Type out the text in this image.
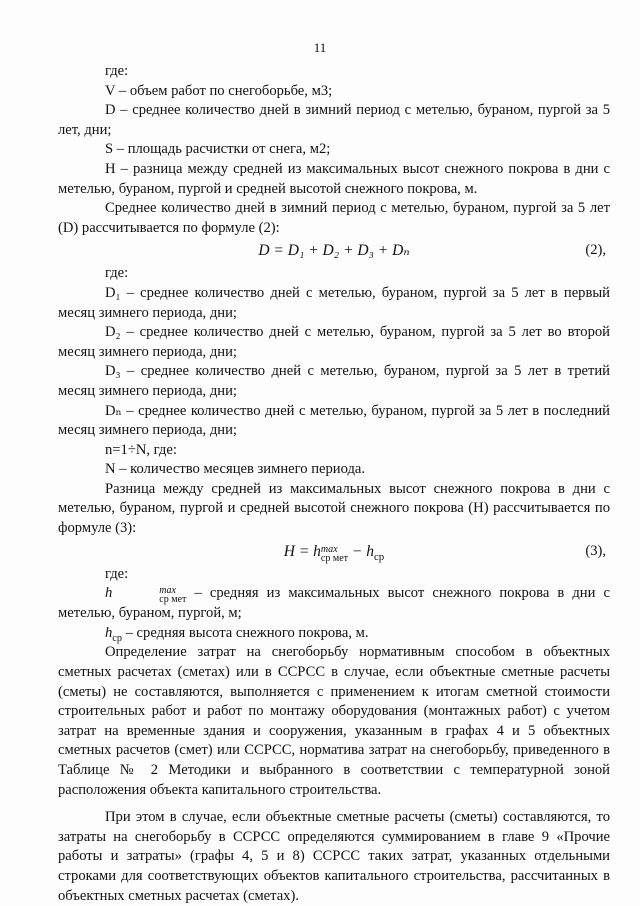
11

где:

V – объем работ по снегоборьбе, м3;

D – среднее количество дней в зимний период с метелью, бураном, пургой за 5 лет, дни;

S – площадь расчистки от снега, м2;

H – разница между средней из максимальных высот снежного покрова в дни с метелью, бураном, пургой и средней высотой снежного покрова, м.

Среднее количество дней в зимний период с метелью, бураном, пургой за 5 лет (D) рассчитывается по формуле (2):

D = D₁ + D₂ + D₃ + Dₙ	(2),

где:

D₁ – среднее количество дней с метелью, бураном, пургой за 5 лет в первый месяц зимнего периода, дни;

D₂ – среднее количество дней с метелью, бураном, пургой за 5 лет во второй месяц зимнего периода, дни;

D₃ – среднее количество дней с метелью, бураном, пургой за 5 лет в третий месяц зимнего периода, дни;

Dₙ – среднее количество дней с метелью, бураном, пургой за 5 лет в последний месяц зимнего периода, дни;

n=1÷N, где:

N – количество месяцев зимнего периода.

Разница между средней из максимальных высот снежного покрова в дни с метелью, бураном, пургой и средней высотой снежного покрова (H) рассчитывается по формуле (3):

H = h max
ср мет − $h_{ср}$	(3),

где:

h	max
ср мет – средняя из максимальных высот снежного покрова в дни с метелью, бураном, пургой, м;

$h_{ср}$ – средняя высота снежного покрова, м.

Определение затрат на снегоборьбу нормативным способом в объектных сметных расчетах (сметах) или в ССРСС в случае, если объектные сметные расчеты (сметы) не составляются, выполняется с применением к итогам сметной стоимости строительных работ и работ по монтажу оборудования (монтажных работ) с учетом затрат на временные здания и сооружения, указанным в графах 4 и 5 объектных сметных расчетов (смет) или ССРСС, норматива затрат на снегоборьбу, приведенного в Таблице № 2 Методики и выбранного в соответствии с температурной зоной расположения объекта капитального строительства.

При этом в случае, если объектные сметные расчеты (сметы) составляются, то затраты на снегоборьбу в ССРСС определяются суммированием в главе 9 «Прочие работы и затраты» (графы 4, 5 и 8) ССРСС таких затрат, указанных отдельными строками для соответствующих объектов капитального строительства, рассчитанных в объектных сметных расчетах (сметах).
